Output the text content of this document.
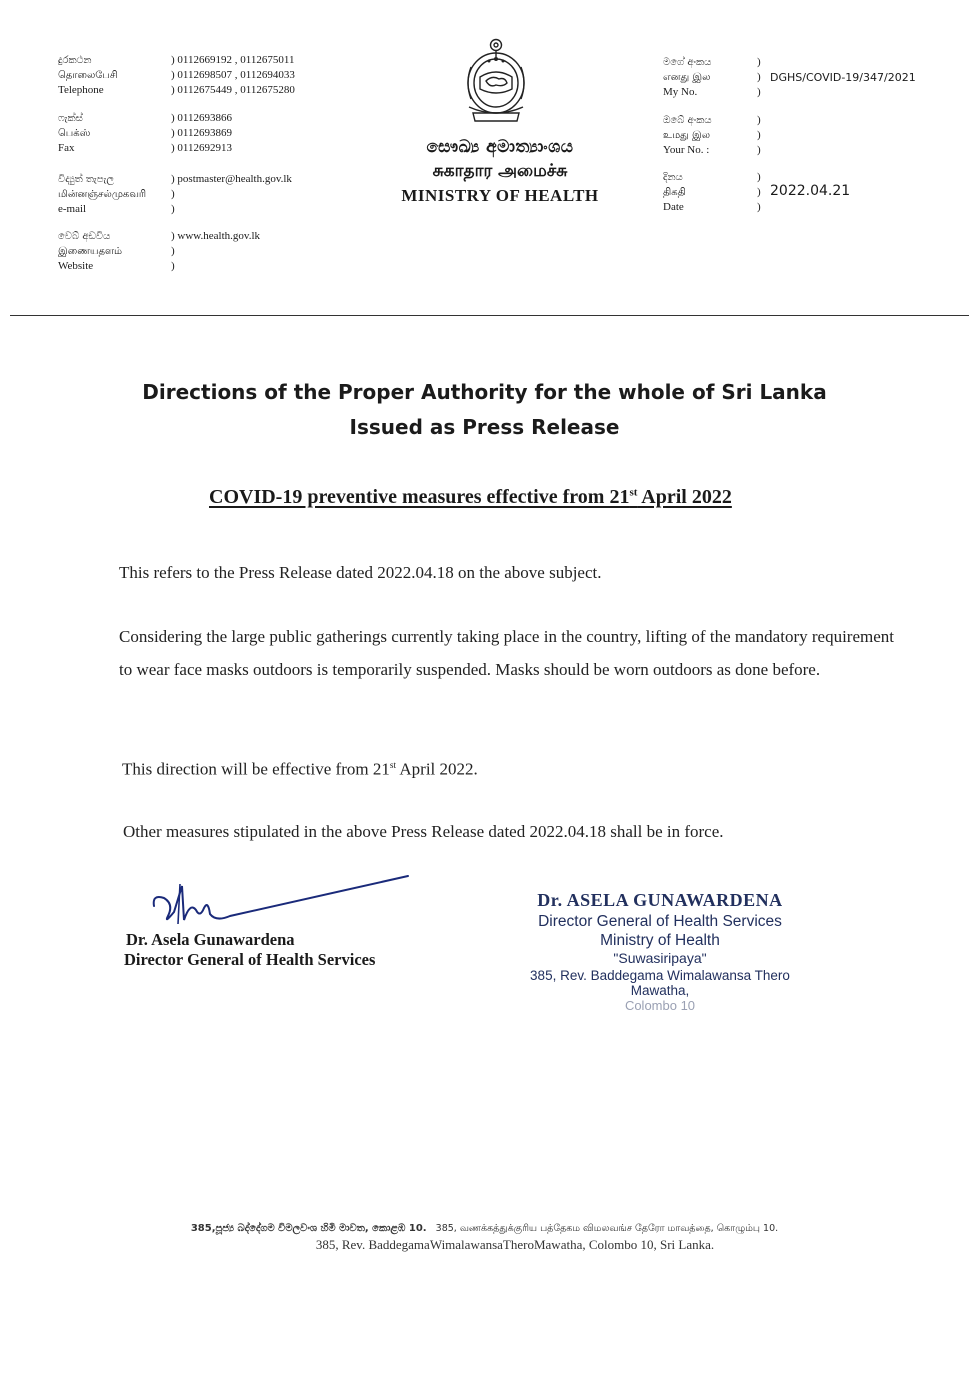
දුරකථන	) 0112669192 , 0112675011
தொலைபேசி	) 0112698507 , 0112694033
Telephone	) 0112675449 , 0112675280
ෆැක්ස්	) 0112693866
பெக்ஸ்	) 0112693869
Fax	) 0112692913
විද්‍යුත් තැපැල	) postmaster@health.gov.lk
மின்னஞ்சல்முகவரி	)
e-mail	)
වෙබ් අඩවිය	) www.health.gov.lk
இணையதளம்	)
Website	)
සෞඛ්‍ය අමාත්‍යාංශය
சுகாதார அமைச்சு
MINISTRY OF HEALTH
මගේ අංකය	)
எனது இல	) DGHS/COVID-19/347/2021
My No.	)
ඔබේ අංකය	)
உமது இல	)
Your No. :	)
දිනය	)
திகதி	) 2022.04.21
Date	)
Directions of the Proper Authority for the whole of Sri Lanka
Issued as Press Release
COVID-19 preventive measures effective from 21st April 2022
This refers to the Press Release dated 2022.04.18 on the above subject.
Considering the large public gatherings currently taking place in the country, lifting of the mandatory requirement to wear face masks outdoors is temporarily suspended. Masks should be worn outdoors as done before.
This direction will be effective from 21st April 2022.
Other measures stipulated in the above Press Release dated 2022.04.18 shall be in force.
Dr. Asela Gunawardena
Director General of Health Services
Dr. ASELA GUNAWARDENA
Director General of Health Services
Ministry of Health
"Suwasiripaya"
385, Rev. Baddegama Wimalawansa Thero Mawatha,
Colombo 10
385,පූජ්‍ය බද්දේගම විමලවංශ හිමි මාවත, කොළඹ 10. 385, வணக்கத்துக்குரிய பத்தேகம விமலவங்ச தேரோ மாவத்தை, கொழும்பு 10.
385, Rev. BaddegamaWimalawansaTheroMawatha, Colombo 10, Sri Lanka.
